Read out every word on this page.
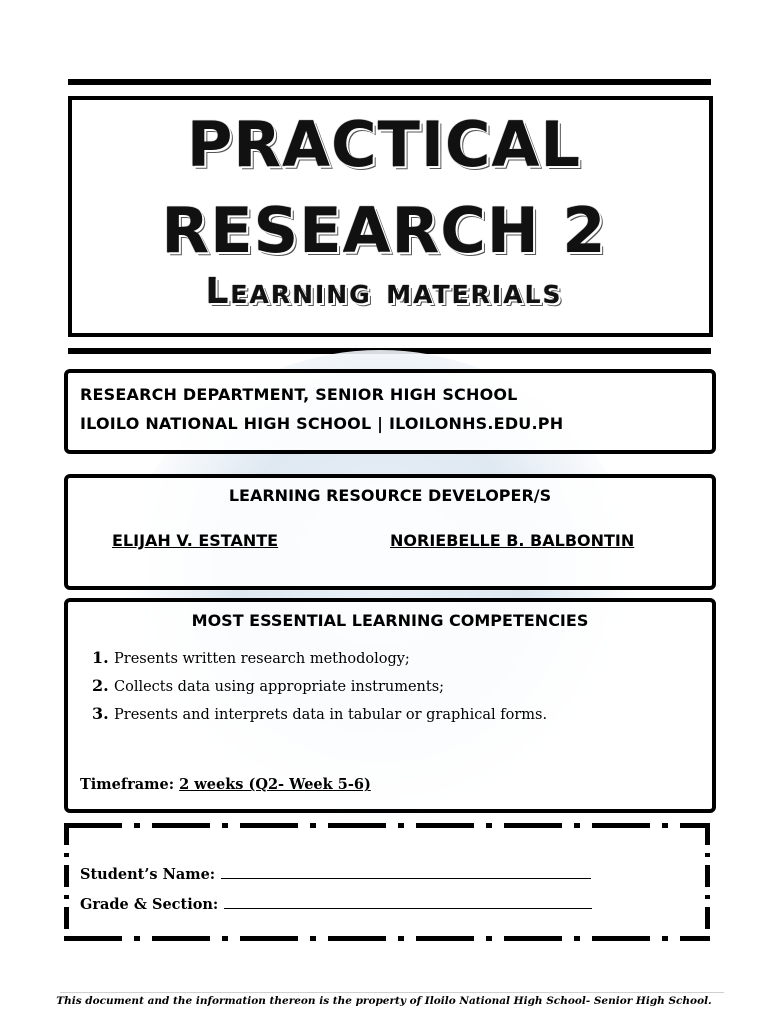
PRACTICAL
RESEARCH 2
Learning materials
RESEARCH DEPARTMENT, SENIOR HIGH SCHOOL
ILOILO NATIONAL HIGH SCHOOL | ILOILONHS.EDU.PH
LEARNING RESOURCE DEVELOPER/S
ELIJAH V. ESTANTE	NORIEBELLE B. BALBONTIN
MOST ESSENTIAL LEARNING COMPETENCIES
1. Presents written research methodology;
2. Collects data using appropriate instruments;
3. Presents and interprets data in tabular or graphical forms.
Timeframe: 2 weeks (Q2- Week 5-6)
Student’s Name:
Grade & Section:
This document and the information thereon is the property of Iloilo National High School- Senior High School.
